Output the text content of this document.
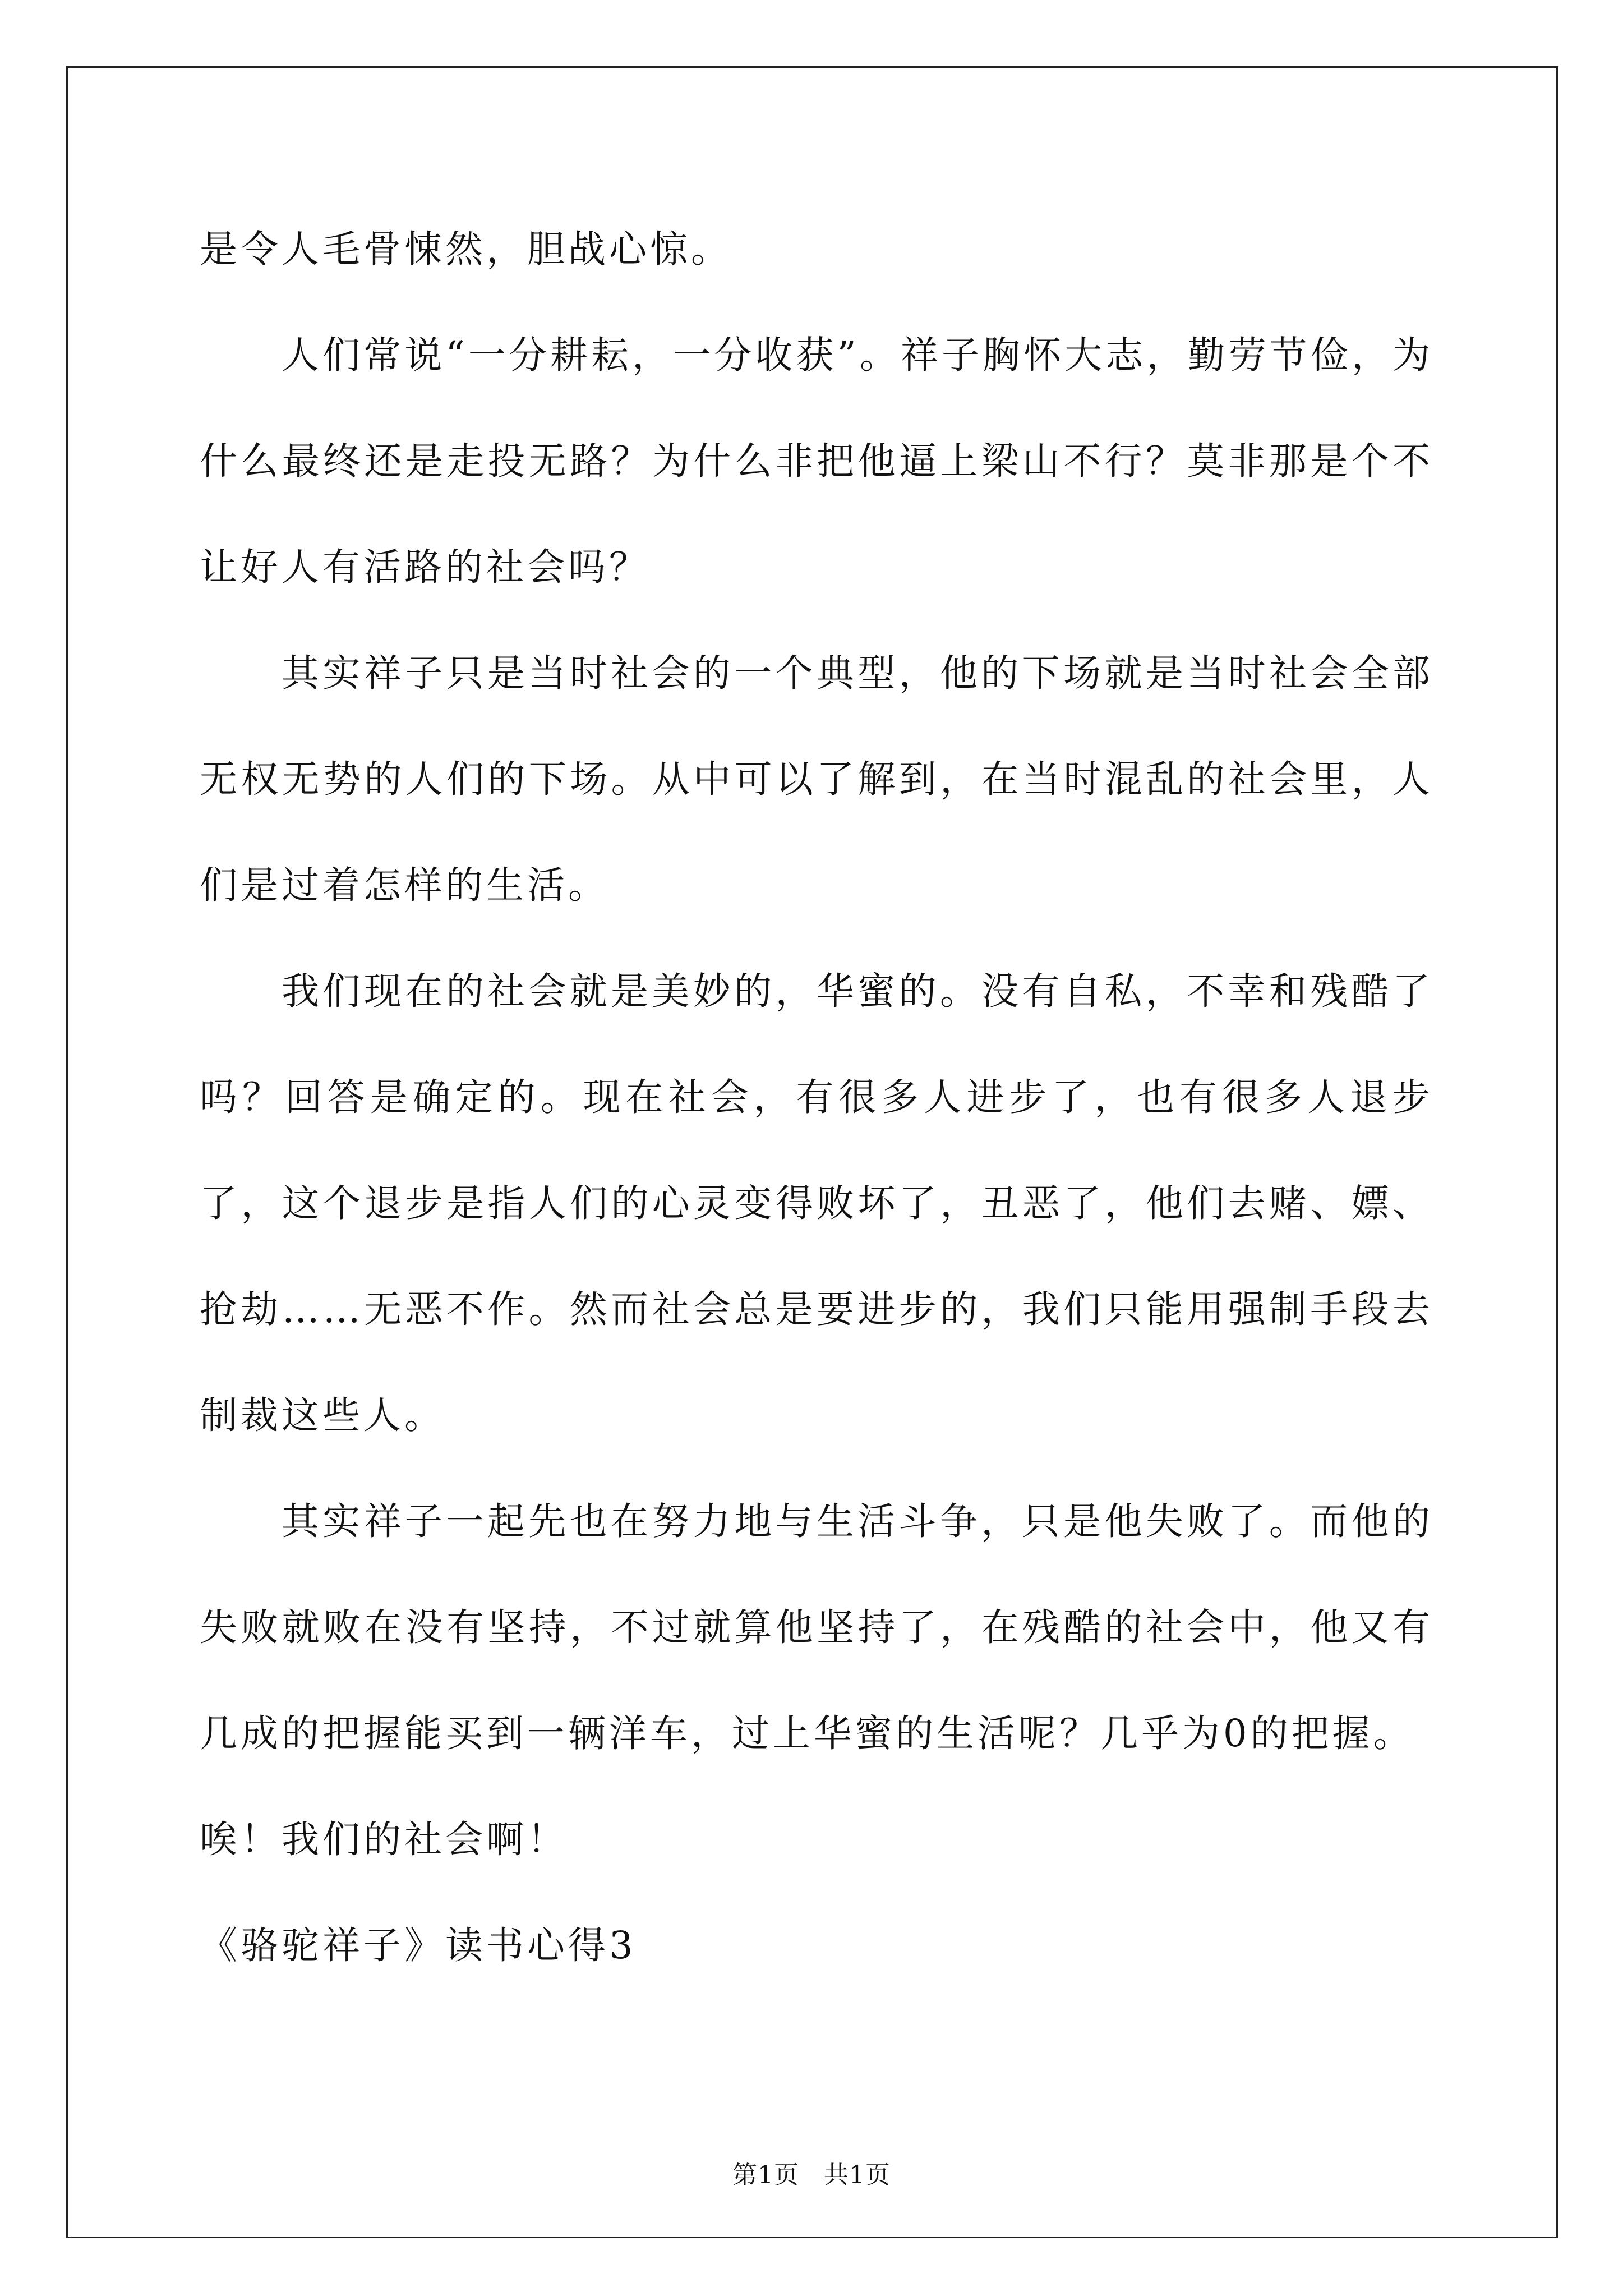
是令人毛骨悚然，胆战心惊。

人们常说“一分耕耘，一分收获”。祥子胸怀大志，勤劳节俭，为什么最终还是走投无路？为什么非把他逼上梁山不行？莫非那是个不让好人有活路的社会吗？

其实祥子只是当时社会的一个典型，他的下场就是当时社会全部无权无势的人们的下场。从中可以了解到，在当时混乱的社会里，人们是过着怎样的生活。

我们现在的社会就是美妙的，华蜜的。没有自私，不幸和残酷了吗？回答是确定的。现在社会，有很多人进步了，也有很多人退步了，这个退步是指人们的心灵变得败坏了，丑恶了，他们去赌、嫖、抢劫……无恶不作。然而社会总是要进步的，我们只能用强制手段去制裁这些人。

其实祥子一起先也在努力地与生活斗争，只是他失败了。而他的失败就败在没有坚持，不过就算他坚持了，在残酷的社会中，他又有几成的把握能买到一辆洋车，过上华蜜的生活呢？几乎为0的把握。

唉！我们的社会啊！

《骆驼祥子》读书心得3

第1页 共1页
